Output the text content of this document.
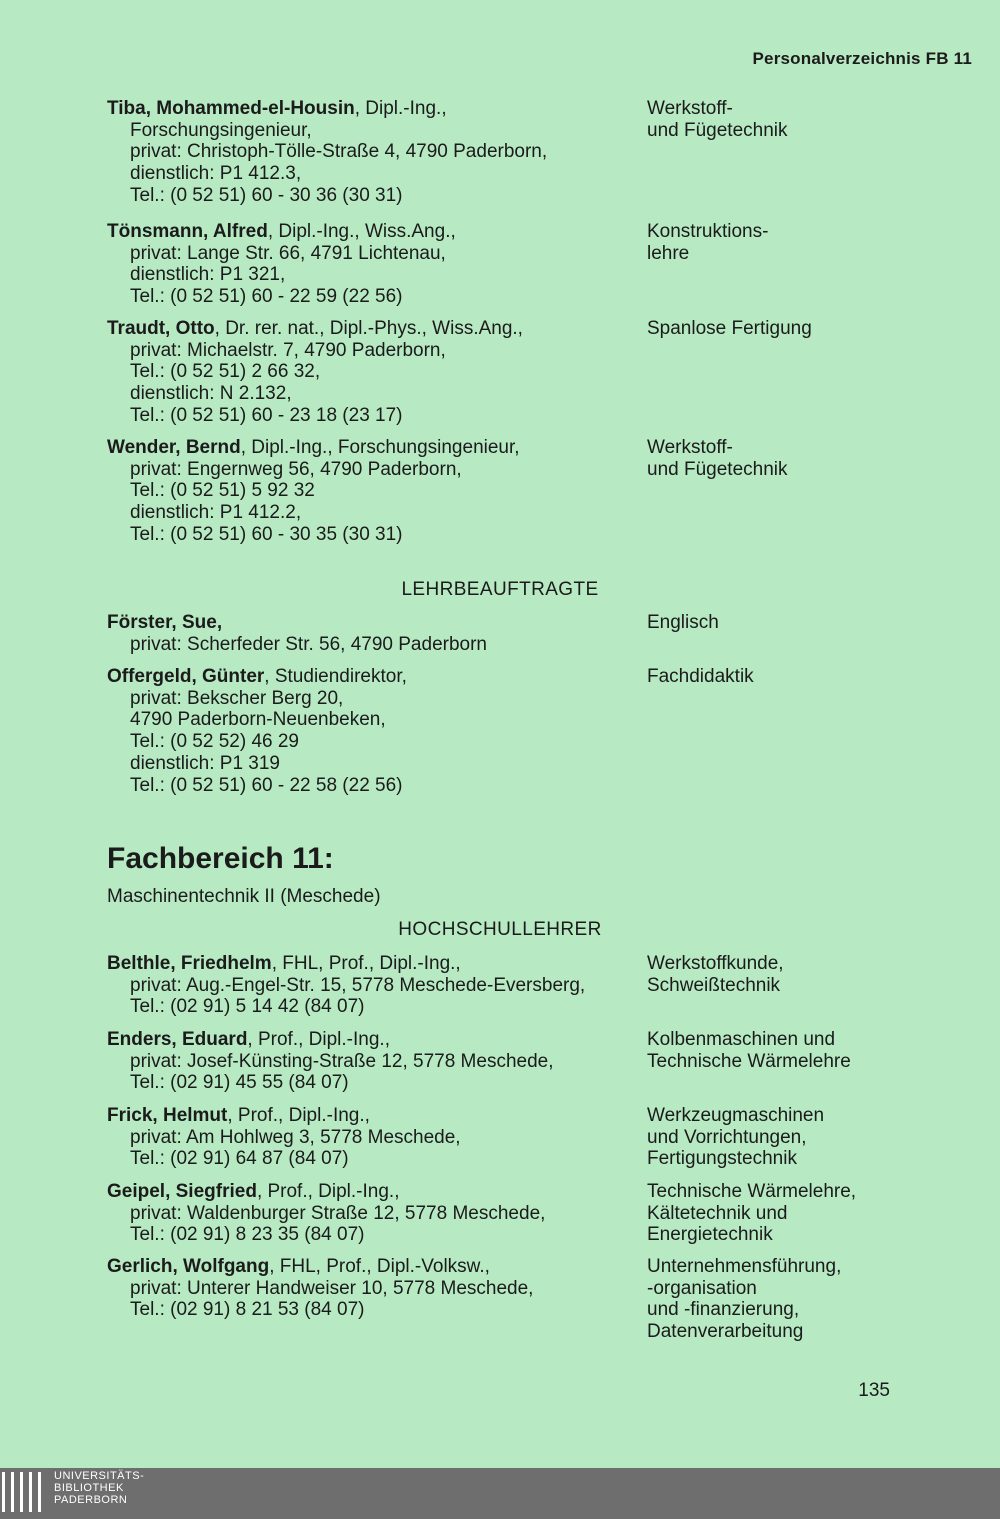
Personalverzeichnis FB 11
Tiba, Mohammed-el-Housin, Dipl.-Ing.,
Forschungsingenieur,
privat: Christoph-Tölle-Straße 4, 4790 Paderborn,
dienstlich: P1 412.3,
Tel.: (0 52 51) 60 - 30 36 (30 31)
Werkstoff-
und Fügetechnik
Tönsmann, Alfred, Dipl.-Ing., Wiss.Ang.,
privat: Lange Str. 66, 4791 Lichtenau,
dienstlich: P1 321,
Tel.: (0 52 51) 60 - 22 59 (22 56)
Konstruktions-
lehre
Traudt, Otto, Dr. rer. nat., Dipl.-Phys., Wiss.Ang.,
privat: Michaelstr. 7, 4790 Paderborn,
Tel.: (0 52 51) 2 66 32,
dienstlich: N 2.132,
Tel.: (0 52 51) 60 - 23 18 (23 17)
Spanlose Fertigung
Wender, Bernd, Dipl.-Ing., Forschungsingenieur,
privat: Engernweg 56, 4790 Paderborn,
Tel.: (0 52 51) 5 92 32
dienstlich: P1 412.2,
Tel.: (0 52 51) 60 - 30 35 (30 31)
Werkstoff-
und Fügetechnik
LEHRBEAUFTRAGTE
Förster, Sue,
privat: Scherfeder Str. 56, 4790 Paderborn
Englisch
Offergeld, Günter, Studiendirektor,
privat: Bekscher Berg 20,
4790 Paderborn-Neuenbeken,
Tel.: (0 52 52) 46 29
dienstlich: P1 319
Tel.: (0 52 51) 60 - 22 58 (22 56)
Fachdidaktik
Fachbereich 11:
Maschinentechnik II (Meschede)
HOCHSCHULLEHRER
Belthle, Friedhelm, FHL, Prof., Dipl.-Ing.,
privat: Aug.-Engel-Str. 15, 5778 Meschede-Eversberg,
Tel.: (02 91) 5 14 42 (84 07)
Werkstoffkunde,
Schweißtechnik
Enders, Eduard, Prof., Dipl.-Ing.,
privat: Josef-Künsting-Straße 12, 5778 Meschede,
Tel.: (02 91) 45 55 (84 07)
Kolbenmaschinen und
Technische Wärmelehre
Frick, Helmut, Prof., Dipl.-Ing.,
privat: Am Hohlweg 3, 5778 Meschede,
Tel.: (02 91) 64 87 (84 07)
Werkzeugmaschinen
und Vorrichtungen,
Fertigungstechnik
Geipel, Siegfried, Prof., Dipl.-Ing.,
privat: Waldenburger Straße 12, 5778 Meschede,
Tel.: (02 91) 8 23 35 (84 07)
Technische Wärmelehre,
Kältetechnik und
Energietechnik
Gerlich, Wolfgang, FHL, Prof., Dipl.-Volksw.,
privat: Unterer Handweiser 10, 5778 Meschede,
Tel.: (02 91) 8 21 53 (84 07)
Unternehmensführung,
-organisation
und -finanzierung,
Datenverarbeitung
135
UNIVERSITÄTS-
BIBLIOTHEK
PADERBORN
